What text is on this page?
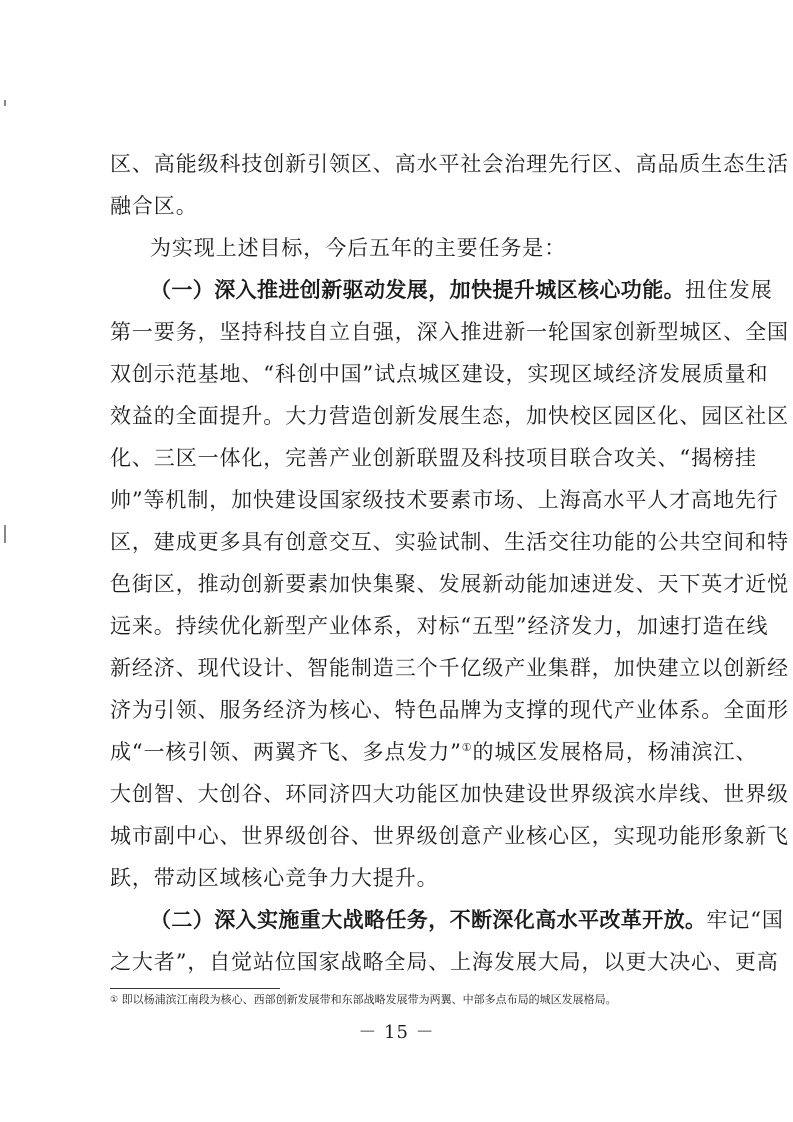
区、高能级科技创新引领区、高水平社会治理先行区、高品质生态生活
融合区。
为实现上述目标，今后五年的主要任务是：
（一）深入推进创新驱动发展，加快提升城区核心功能。扭住发展
第一要务，坚持科技自立自强，深入推进新一轮国家创新型城区、全国
双创示范基地、“科创中国”试点城区建设，实现区域经济发展质量和
效益的全面提升。大力营造创新发展生态，加快校区园区化、园区社区
化、三区一体化，完善产业创新联盟及科技项目联合攻关、“揭榜挂
帅”等机制，加快建设国家级技术要素市场、上海高水平人才高地先行
区，建成更多具有创意交互、实验试制、生活交往功能的公共空间和特
色街区，推动创新要素加快集聚、发展新动能加速迸发、天下英才近悦
远来。持续优化新型产业体系，对标“五型”经济发力，加速打造在线
新经济、现代设计、智能制造三个千亿级产业集群，加快建立以创新经
济为引领、服务经济为核心、特色品牌为支撑的现代产业体系。全面形
成“一核引领、两翼齐飞、多点发力”①的城区发展格局，杨浦滨江、
大创智、大创谷、环同济四大功能区加快建设世界级滨水岸线、世界级
城市副中心、世界级创谷、世界级创意产业核心区，实现功能形象新飞
跃，带动区域核心竞争力大提升。
（二）深入实施重大战略任务，不断深化高水平改革开放。牢记“国
之大者”，自觉站位国家战略全局、上海发展大局，以更大决心、更高
① 即以杨浦滨江南段为核心、西部创新发展带和东部战略发展带为两翼、中部多点布局的城区发展格局。
－ 15 －
